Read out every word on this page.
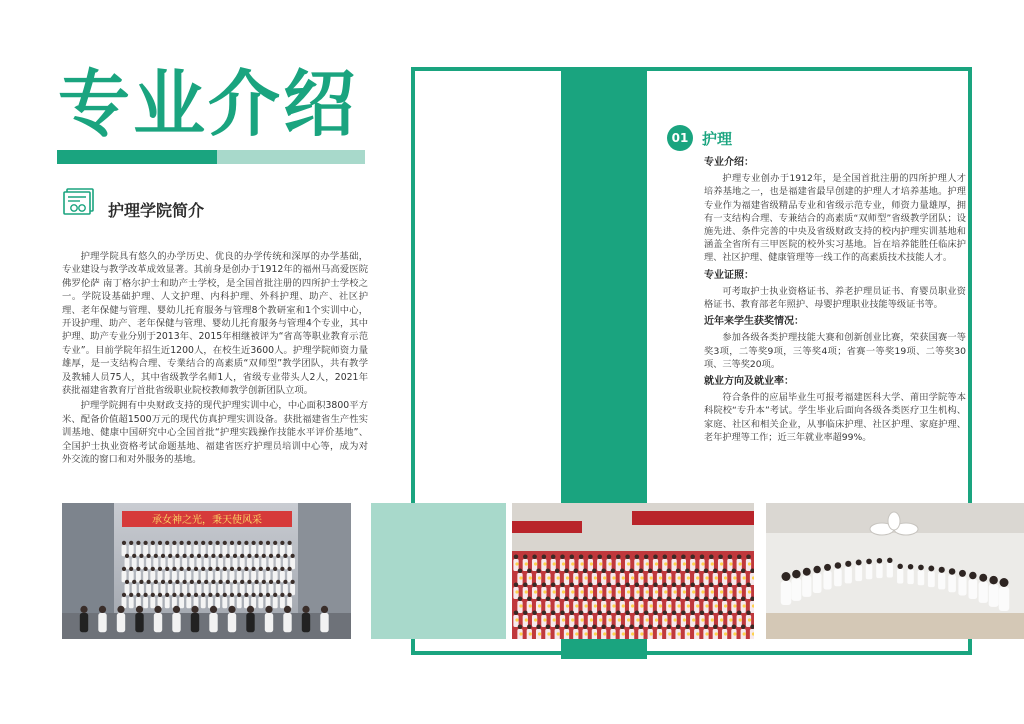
专业介绍
护理学院简介

护理学院具有悠久的办学历史、优良的办学传统和深厚的办学基础，专业建设与教学改革成效显著。其前身是创办于1912年的福州马高爱医院佛罗伦萨 南丁格尔护士和助产士学校，是全国首批注册的四所护士学校之一。学院设基础护理、人文护理、内科护理、外科护理、助产、社区护理、老年保健与管理、婴幼儿托育服务与管理8个教研室和1个实训中心，开设护理、助产、老年保健与管理、婴幼儿托育服务与管理4个专业，其中护理、助产专业分别于2013年、2015年相继被评为“省高等职业教育示范专业”。目前学院年招生近1200人，在校生近3600人。护理学院师资力量雄厚，是一支结构合理、专業结合的高素质“双师型”教学团队，共有教学及教辅人员75人，其中省级教学名师1人，省级专业带头人2人，2021年获批福建省教育厅首批省级职业院校教师教学创新团队立项。

护理学院拥有中央财政支持的现代护理实训中心，中心面积3800平方米、配备价值超1500万元的现代仿真护理实训设备。获批福建省生产性实训基地、健康中国研究中心全国首批“护理实践操作技能水平评价基地”、全国护士执业资格考试命题基地、福建省医疗护理员培训中心等，成为对外交流的窗口和对外服务的基地。

01 护理
专业介绍：

护理专业创办于1912年，是全国首批注册的四所护理人才培养基地之一，也是福建省最早创建的护理人才培养基地。护理专业作为福建省级精品专业和省级示范专业，师资力量雄厚，拥有一支结构合理、专兼结合的高素质“双师型”省级教学团队；设施先进、条件完善的中央及省级财政支持的校内护理实训基地和涵盖全省所有三甲医院的校外实习基地。旨在培养能胜任临床护理、社区护理、健康管理等一线工作的高素质技术技能人才。

专业证照：

可考取护士执业资格证书、养老护理员证书、育婴员职业资格证书、教育部老年照护、母婴护理职业技能等级证书等。

近年来学生获奖情况：

参加各级各类护理技能大赛和创新创业比赛，荣获国赛一等奖3项，二等奖9项，三等奖4项；省赛一等奖19项、二等奖30项、三等奖20项。

就业方向及就业率：

符合条件的应届毕业生可报考福建医科大学、莆田学院等本科院校“专升本”考试。学生毕业后面向各级各类医疗卫生机构、家庭、社区和相关企业，从事临床护理、社区护理、家庭护理、老年护理等工作；近三年就业率超99%。

承女神之光，秉天使风采
